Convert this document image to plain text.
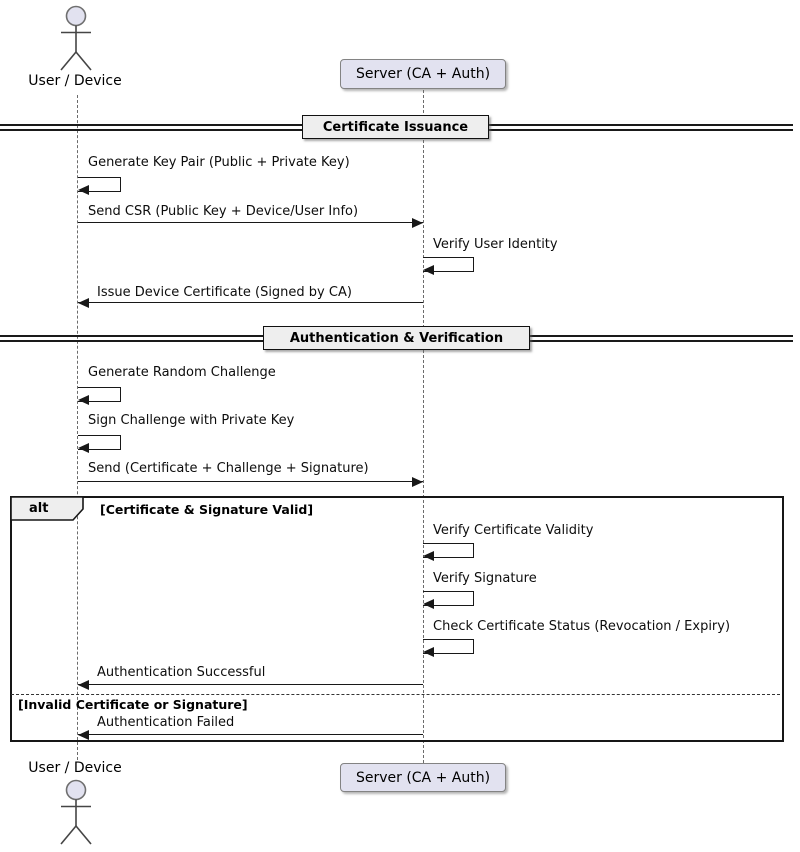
User / Device	Server (CA + Auth)
Certificate Issuance
Generate Key Pair (Public + Private Key)
Send CSR (Public Key + Device/User Info)
Verify User Identity
Issue Device Certificate (Signed by CA)
Authentication & Verification
Generate Random Challenge
Sign Challenge with Private Key
Send (Certificate + Challenge + Signature)
alt	[Certificate & Signature Valid]
Verify Certificate Validity
Verify Signature
Check Certificate Status (Revocation / Expiry)
Authentication Successful
[Invalid Certificate or Signature]
Authentication Failed
User / Device
Server (CA + Auth)
